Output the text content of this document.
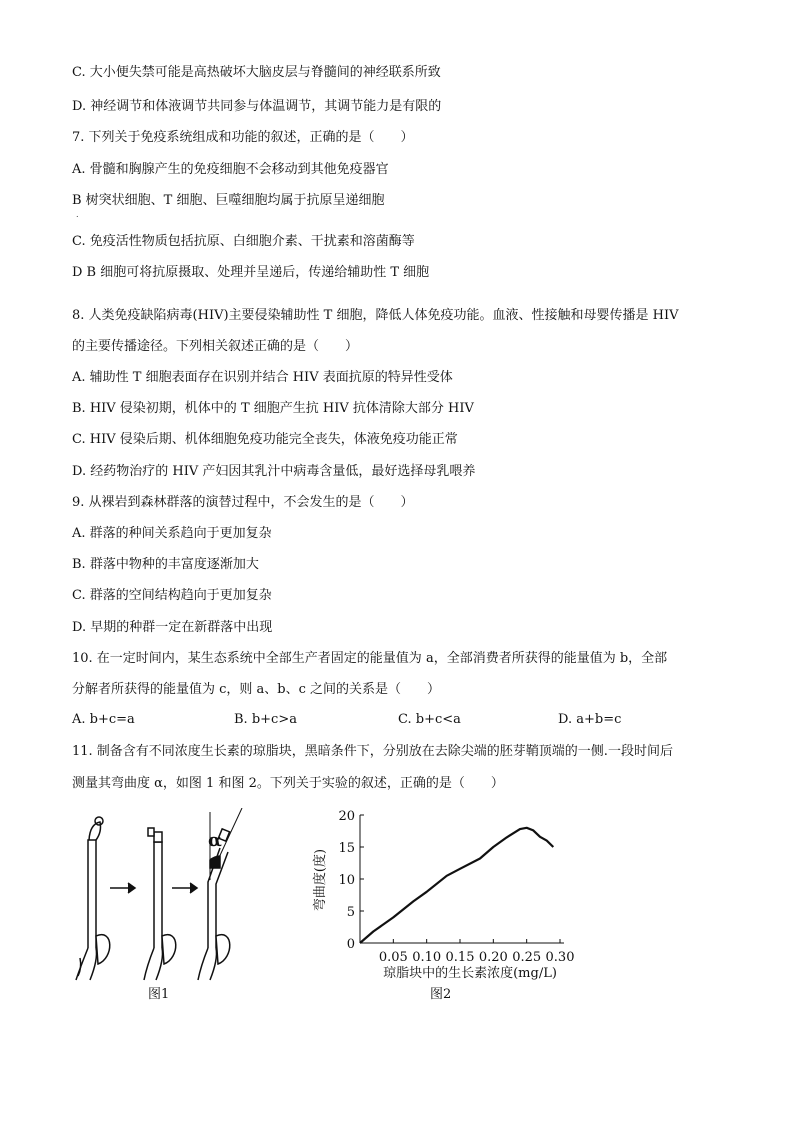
C. 大小便失禁可能是高热破坏大脑皮层与脊髓间的神经联系所致
D. 神经调节和体液调节共同参与体温调节，其调节能力是有限的
7. 下列关于免疫系统组成和功能的叙述，正确的是（　　）
A. 骨髓和胸腺产生的免疫细胞不会移动到其他免疫器官
B 树突状细胞、T 细胞、巨噬细胞均属于抗原呈递细胞
.
C. 免疫活性物质包括抗原、白细胞介素、干扰素和溶菌酶等
D B 细胞可将抗原摄取、处理并呈递后，传递给辅助性 T 细胞
8. 人类免疫缺陷病毒(HIV)主要侵染辅助性 T 细胞，降低人体免疫功能。血液、性接触和母婴传播是 HIV
的主要传播途径。下列相关叙述正确的是（　　）
A. 辅助性 T 细胞表面存在识别并结合 HIV 表面抗原的特异性受体
B. HIV 侵染初期，机体中的 T 细胞产生抗 HIV 抗体清除大部分 HIV
C. HIV 侵染后期、机体细胞免疫功能完全丧失，体液免疫功能正常
D. 经药物治疗的 HIV 产妇因其乳汁中病毒含量低，最好选择母乳喂养
9. 从裸岩到森林群落的演替过程中，不会发生的是（　　）
A. 群落的种间关系趋向于更加复杂
B. 群落中物种的丰富度逐渐加大
C. 群落的空间结构趋向于更加复杂
D. 早期的种群一定在新群落中出现
10. 在一定时间内，某生态系统中全部生产者固定的能量值为 a，全部消费者所获得的能量值为 b，全部
分解者所获得的能量值为 c，则 a、b、c 之间的关系是（　　）
A. b+c=a	B. b+c>a	C. b+c<a	D. a+b=c
11. 制备含有不同浓度生长素的琼脂块，黑暗条件下，分别放在去除尖端的胚芽鞘顶端的一侧.一段时间后
测量其弯曲度 α，如图 1 和图 2。下列关于实验的叙述，正确的是（　　）
α
图1
0
5
10
15
20
0.05 0.10 0.15 0.20 0.25 0.30
弯曲度(度)
琼脂块中的生长素浓度(mg/L)
图2
